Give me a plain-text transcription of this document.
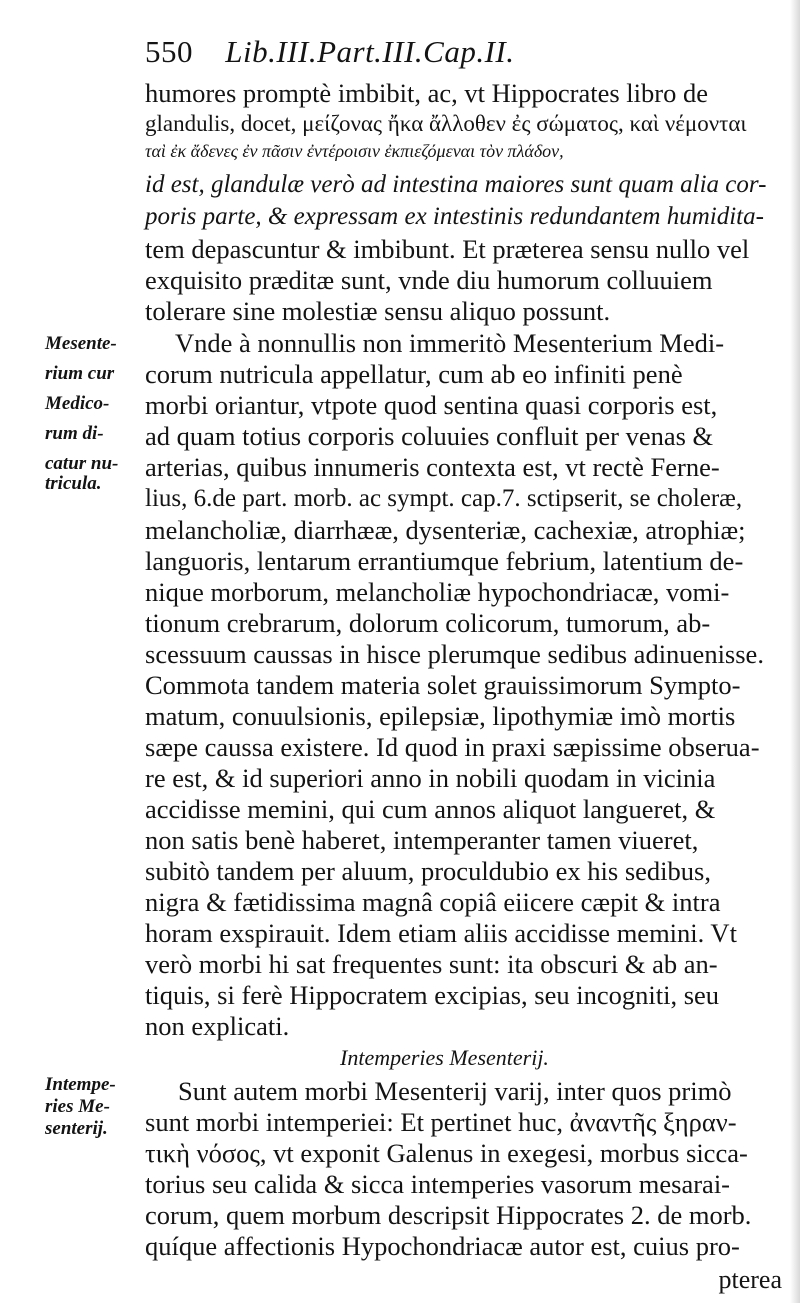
550 Lib.III.Part.III.Cap.II.
humores promptè imbibit, ac, vt Hippocrates libro de
glandulis, docet, μείζονας ἤκα ἄλλοθεν ἐς σώματος, καὶ νέμονται
ταὶ ἐκ ἄδενες ἐν πᾶσιν ἐντέροισιν ἐκπιεζόμεναι τὸν πλάδον,
id est, glandulæ verò ad intestina maiores sunt quam alia cor-
poris parte, & expressam ex intestinis redundantem humidita-
tem depascuntur & imbibunt. Et præterea sensu nullo vel
exquisito præditæ sunt, vnde diu humorum colluuiem
tolerare sine molestiæ sensu aliquo possunt.
Vnde à nonnullis non immeritò Mesenterium Medi-
corum nutricula appellatur, cum ab eo infiniti penè
morbi oriantur, vtpote quod sentina quasi corporis est,
ad quam totius corporis coluuies confluit per venas &
arterias, quibus innumeris contexta est, vt rectè Ferne-
lius, 6.de part. morb. ac sympt. cap.7. sctipserit, se choleræ,
melancholiæ, diarrhææ, dysenteriæ, cachexiæ, atrophiæ;
languoris, lentarum errantiumque febrium, latentium de-
nique morborum, melancholiæ hypochondriacæ, vomi-
tionum crebrarum, dolorum colicorum, tumorum, ab-
scessuum caussas in hisce plerumque sedibus adinuenisse.
Commota tandem materia solet grauissimorum Sympto-
matum, conuulsionis, epilepsiæ, lipothymiæ imò mortis
sæpe caussa existere. Id quod in praxi sæpissime obserua-
re est, & id superiori anno in nobili quodam in vicinia
accidisse memini, qui cum annos aliquot langueret, &
non satis benè haberet, intemperanter tamen viueret,
subitò tandem per aluum, proculdubio ex his sedibus,
nigra & fætidissima magnâ copiâ eiicere cæpit & intra
horam exspirauit. Idem etiam aliis accidisse memini. Vt
verò morbi hi sat frequentes sunt: ita obscuri & ab an-
tiquis, si ferè Hippocratem excipias, seu incogniti, seu
non explicati.
Intemperies Mesenterij.
Sunt autem morbi Mesenterij varij, inter quos primò
sunt morbi intemperiei: Et pertinet huc, ἀναντῆς ξηραν-
τικὴ νόσος, vt exponit Galenus in exegesi, morbus sicca-
torius seu calida & sicca intemperies vasorum mesarai-
corum, quem morbum descripsit Hippocrates 2. de morb.
quíque affectionis Hypochondriacæ autor est, cuius pro-
pterea
Mesente-
rium cur
Medico-
rum di-
catur nu-
tricula.
Intempe-
ries Me-
senterij.
